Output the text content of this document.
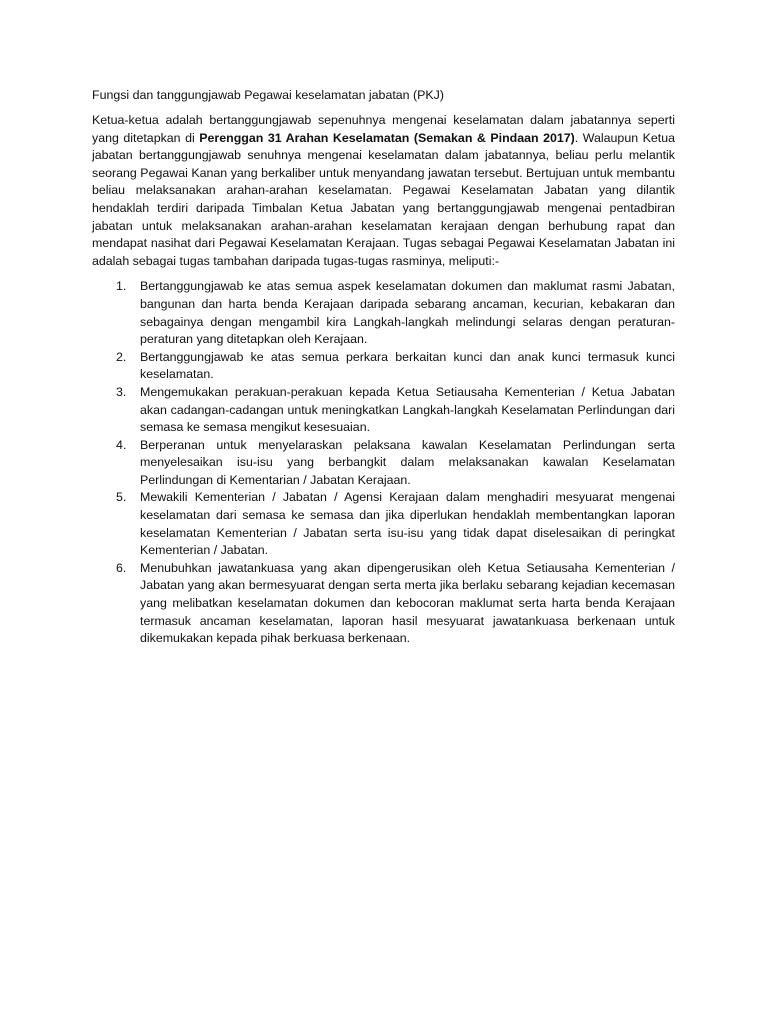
Fungsi dan tanggungjawab Pegawai keselamatan jabatan (PKJ)

Ketua-ketua adalah bertanggungjawab sepenuhnya mengenai keselamatan dalam jabatannya seperti yang ditetapkan di Perenggan 31 Arahan Keselamatan (Semakan & Pindaan 2017). Walaupun Ketua jabatan bertanggungjawab senuhnya mengenai keselamatan dalam jabatannya, beliau perlu melantik seorang Pegawai Kanan yang berkaliber untuk menyandang jawatan tersebut. Bertujuan untuk membantu beliau melaksanakan arahan-arahan keselamatan. Pegawai Keselamatan Jabatan yang dilantik hendaklah terdiri daripada Timbalan Ketua Jabatan yang bertanggungjawab mengenai pentadbiran jabatan untuk melaksanakan arahan-arahan keselamatan kerajaan dengan berhubung rapat dan mendapat nasihat dari Pegawai Keselamatan Kerajaan. Tugas sebagai Pegawai Keselamatan Jabatan ini adalah sebagai tugas tambahan daripada tugas-tugas rasminya, meliputi:-

1. Bertanggungjawab ke atas semua aspek keselamatan dokumen dan maklumat rasmi Jabatan, bangunan dan harta benda Kerajaan daripada sebarang ancaman, kecurian, kebakaran dan sebagainya dengan mengambil kira Langkah-langkah melindungi selaras dengan peraturan-peraturan yang ditetapkan oleh Kerajaan.
2. Bertanggungjawab ke atas semua perkara berkaitan kunci dan anak kunci termasuk kunci keselamatan.
3. Mengemukakan perakuan-perakuan kepada Ketua Setiausaha Kementerian / Ketua Jabatan akan cadangan-cadangan untuk meningkatkan Langkah-langkah Keselamatan Perlindungan dari semasa ke semasa mengikut kesesuaian.
4. Berperanan untuk menyelaraskan pelaksana kawalan Keselamatan Perlindungan serta menyelesaikan isu-isu yang berbangkit dalam melaksanakan kawalan Keselamatan Perlindungan di Kementarian / Jabatan Kerajaan.
5. Mewakili Kementerian / Jabatan / Agensi Kerajaan dalam menghadiri mesyuarat mengenai keselamatan dari semasa ke semasa dan jika diperlukan hendaklah membentangkan laporan keselamatan Kementerian / Jabatan serta isu-isu yang tidak dapat diselesaikan di peringkat Kementerian / Jabatan.
6. Menubuhkan jawatankuasa yang akan dipengerusikan oleh Ketua Setiausaha Kementerian / Jabatan yang akan bermesyuarat dengan serta merta jika berlaku sebarang kejadian kecemasan yang melibatkan keselamatan dokumen dan kebocoran maklumat serta harta benda Kerajaan termasuk ancaman keselamatan, laporan hasil mesyuarat jawatankuasa berkenaan untuk dikemukakan kepada pihak berkuasa berkenaan.
